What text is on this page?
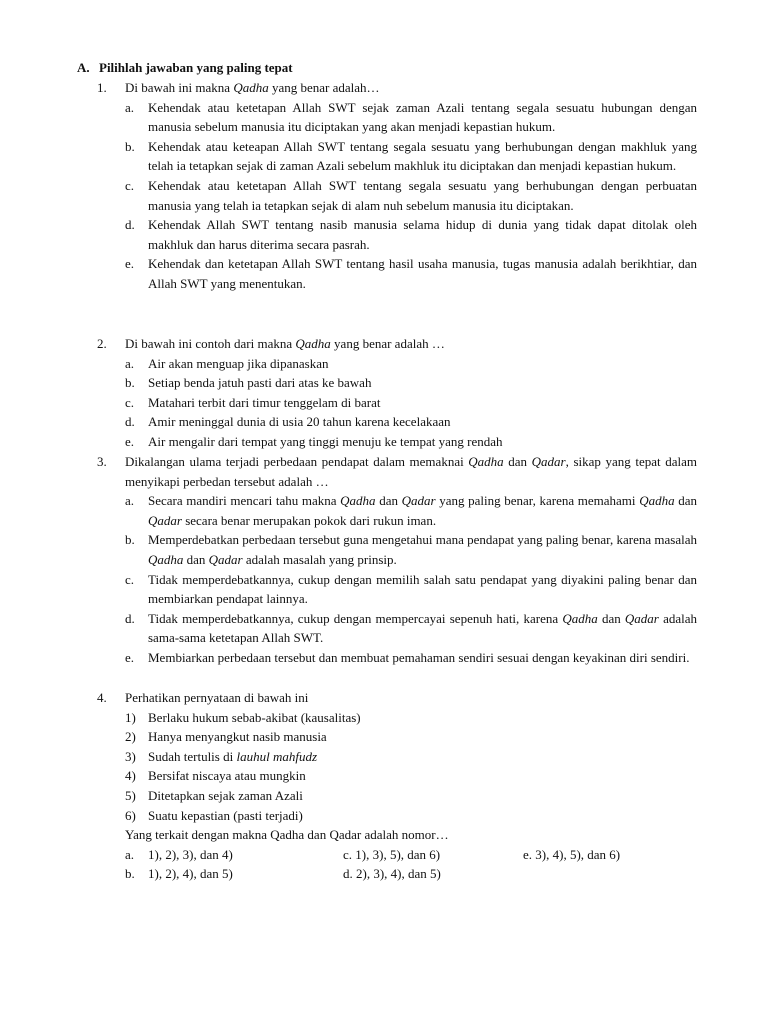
A. Pilihlah jawaban yang paling tepat
1. Di bawah ini makna Qadha yang benar adalah…
a. Kehendak atau ketetapan Allah SWT sejak zaman Azali tentang segala sesuatu hubungan dengan manusia sebelum manusia itu diciptakan yang akan menjadi kepastian hukum.
b. Kehendak atau keteapan Allah SWT tentang segala sesuatu yang berhubungan dengan makhluk yang telah ia tetapkan sejak di zaman Azali sebelum makhluk itu diciptakan dan menjadi kepastian hukum.
c. Kehendak atau ketetapan Allah SWT tentang segala sesuatu yang berhubungan dengan perbuatan manusia yang telah ia tetapkan sejak di alam nuh sebelum manusia itu diciptakan.
d. Kehendak Allah SWT tentang nasib manusia selama hidup di dunia yang tidak dapat ditolak oleh makhluk dan harus diterima secara pasrah.
e. Kehendak dan ketetapan Allah SWT tentang hasil usaha manusia, tugas manusia adalah berikhtiar, dan Allah SWT yang menentukan.
2. Di bawah ini contoh dari makna Qadha yang benar adalah …
a. Air akan menguap jika dipanaskan
b. Setiap benda jatuh pasti dari atas ke bawah
c. Matahari terbit dari timur tenggelam di barat
d. Amir meninggal dunia di usia 20 tahun karena kecelakaan
e. Air mengalir dari tempat yang tinggi menuju ke tempat yang rendah
3. Dikalangan ulama terjadi perbedaan pendapat dalam memaknai Qadha dan Qadar, sikap yang tepat dalam menyikapi perbedan tersebut adalah …
a. Secara mandiri mencari tahu makna Qadha dan Qadar yang paling benar, karena memahami Qadha dan Qadar secara benar merupakan pokok dari rukun iman.
b. Memperdebatkan perbedaan tersebut guna mengetahui mana pendapat yang paling benar, karena masalah Qadha dan Qadar adalah masalah yang prinsip.
c. Tidak memperdebatkannya, cukup dengan memilih salah satu pendapat yang diyakini paling benar dan membiarkan pendapat lainnya.
d. Tidak memperdebatkannya, cukup dengan mempercayai sepenuh hati, karena Qadha dan Qadar adalah sama-sama ketetapan Allah SWT.
e. Membiarkan perbedaan tersebut dan membuat pemahaman sendiri sesuai dengan keyakinan diri sendiri.
4. Perhatikan pernyataan di bawah ini
1) Berlaku hukum sebab-akibat (kausalitas)
2) Hanya menyangkut nasib manusia
3) Sudah tertulis di lauhul mahfudz
4) Bersifat niscaya atau mungkin
5) Ditetapkan sejak zaman Azali
6) Suatu kepastian (pasti terjadi)
Yang terkait dengan makna Qadha dan Qadar adalah nomor…
a. 1), 2), 3), dan 4)	c. 1), 3), 5), dan 6)	e. 3), 4), 5), dan 6)
b. 1), 2), 4), dan 5)	d. 2), 3), 4), dan 5)
